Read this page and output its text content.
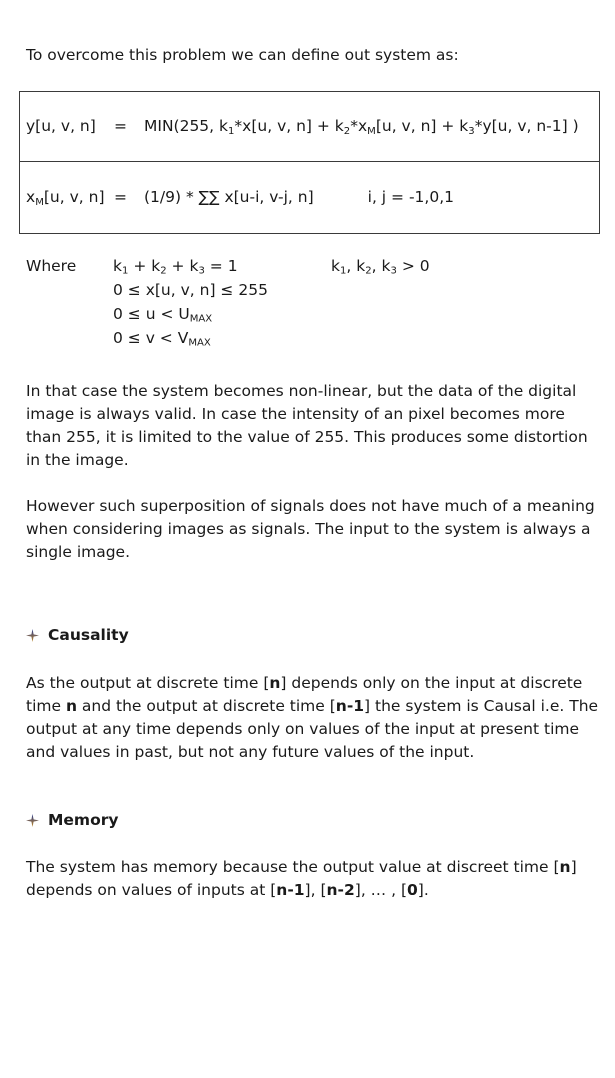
To overcome this problem we can define out system as:
y[u, v, n] = MIN(255, $k_1*x[u$, v, $n] + k_2*x_M[u$, v, $n] + k_3*y[u$, v, n-1] )

$x_M[u$, v, n] = (1/9) * ∑∑ x[u-i, v-j, n]	i, j = -1,0,1
Where $k_1 + k_2 + k_3 = 1$	$k_1$, $k_2$, $k_3 > 0$
0 ≤ x[u, v, n] ≤ 255
$0 \le u < U_{MAX}$
$0 \le v < V_{MAX}$

In that case the system becomes non-linear, but the data of the digital image is always valid. In case the intensity of an pixel becomes more than 255, it is limited to the value of 255. This produces some distortion in the image.

However such superposition of signals does not have much of a meaning when considering images as signals. The input to the system is always a single image.

Causality

As the output at discrete time [n] depends only on the input at discrete time n and the output at discrete time [n-1] the system is Causal i.e. The output at any time depends only on values of the input at present time and values in past, but not any future values of the input.

Memory

The system has memory because the output value at discreet time [n] depends on values of inputs at [n-1], [n-2], … , [0].
